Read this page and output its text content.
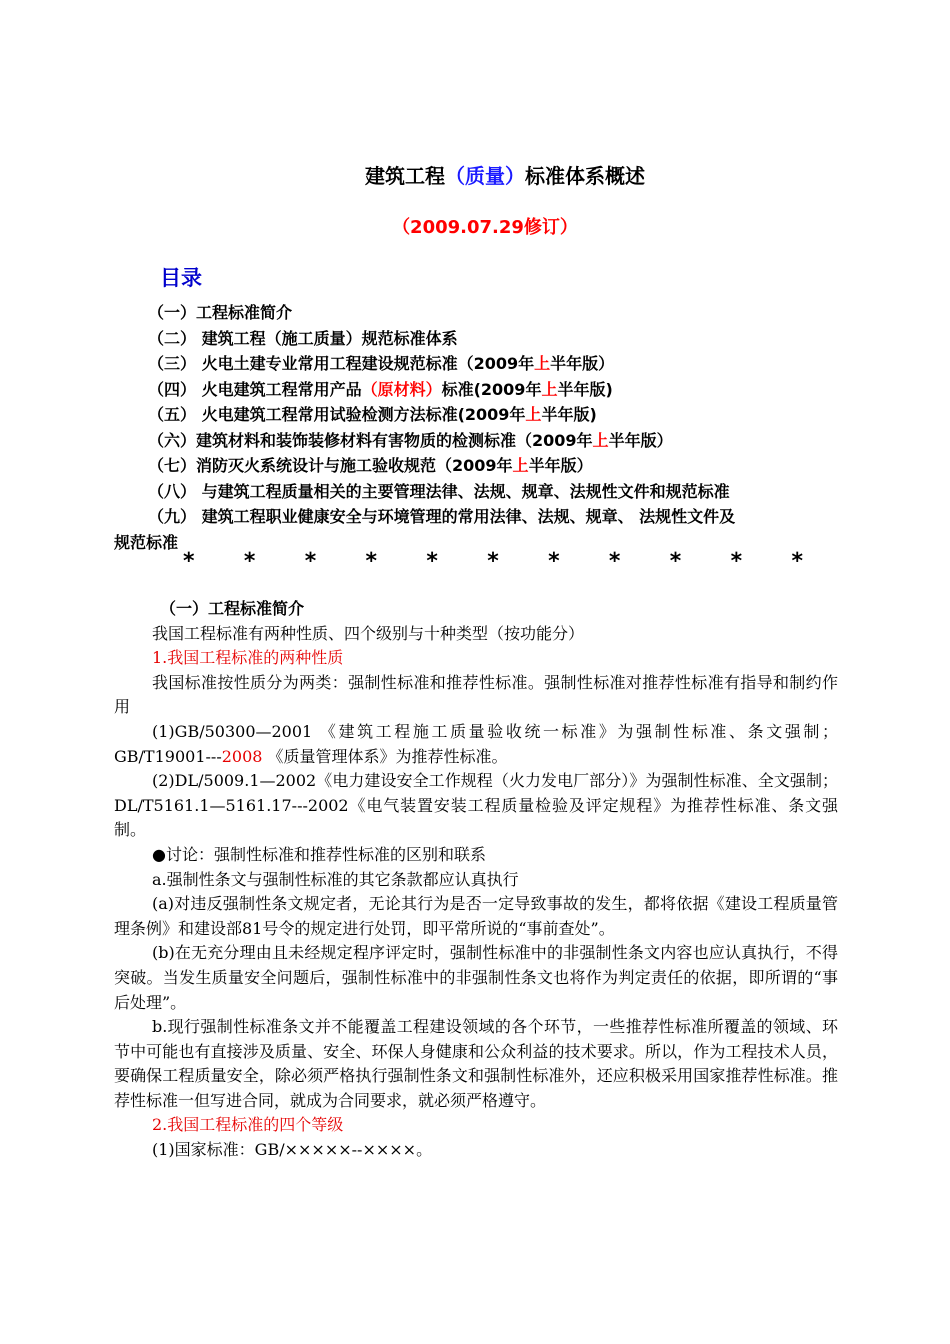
建筑工程（质量）标准体系概述
（2009.07.29修订）
目录
（一）工程标准简介
（二） 建筑工程（施工质量）规范标准体系
（三） 火电土建专业常用工程建设规范标准（2009年上半年版）
（四） 火电建筑工程常用产品（原材料）标准(2009年上半年版)
（五） 火电建筑工程常用试验检测方法标准(2009年上半年版)
（六）建筑材料和装饰装修材料有害物质的检测标准（2009年上半年版）
（七）消防灭火系统设计与施工验收规范（2009年上半年版）
（八） 与建筑工程质量相关的主要管理法律、法规、规章、法规性文件和规范标准
（九） 建筑工程职业健康安全与环境管理的常用法律、法规、规章、 法规性文件及
规范标准
* * * * * * * * * * *

（一）工程标准简介

我国工程标准有两种性质、四个级别与十种类型（按功能分）

1.我国工程标准的两种性质

我国标准按性质分为两类：强制性标准和推荐性标准。强制性标准对推荐性标准有指导和制约作用

(1)GB/50300—2001 《建筑工程施工质量验收统一标准》为强制性标准、条文强制； GB/T19001---2008 《质量管理体系》为推荐性标准。

(2)DL/5009.1—2002《电力建设安全工作规程（火力发电厂部分）》为强制性标准、全文强制； DL/T5161.1—5161.17---2002《电气装置安装工程质量检验及评定规程》为推荐性标准、条文强制。

●讨论：强制性标准和推荐性标准的区别和联系

a.强制性条文与强制性标准的其它条款都应认真执行

(a)对违反强制性条文规定者，无论其行为是否一定导致事故的发生，都将依据《建设工程质量管理条例》和建设部81号令的规定进行处罚，即平常所说的“事前查处”。

(b)在无充分理由且未经规定程序评定时，强制性标准中的非强制性条文内容也应认真执行，不得突破。当发生质量安全问题后，强制性标准中的非强制性条文也将作为判定责任的依据，即所谓的“事后处理”。

b.现行强制性标准条文并不能覆盖工程建设领域的各个环节，一些推荐性标准所覆盖的领域、环节中可能也有直接涉及质量、安全、环保人身健康和公众利益的技术要求。所以，作为工程技术人员，要确保工程质量安全，除必须严格执行强制性条文和强制性标准外，还应积极采用国家推荐性标准。推荐性标准一但写进合同，就成为合同要求，就必须严格遵守。

2.我国工程标准的四个等级

(1)国家标准：GB/×××××--××××。
